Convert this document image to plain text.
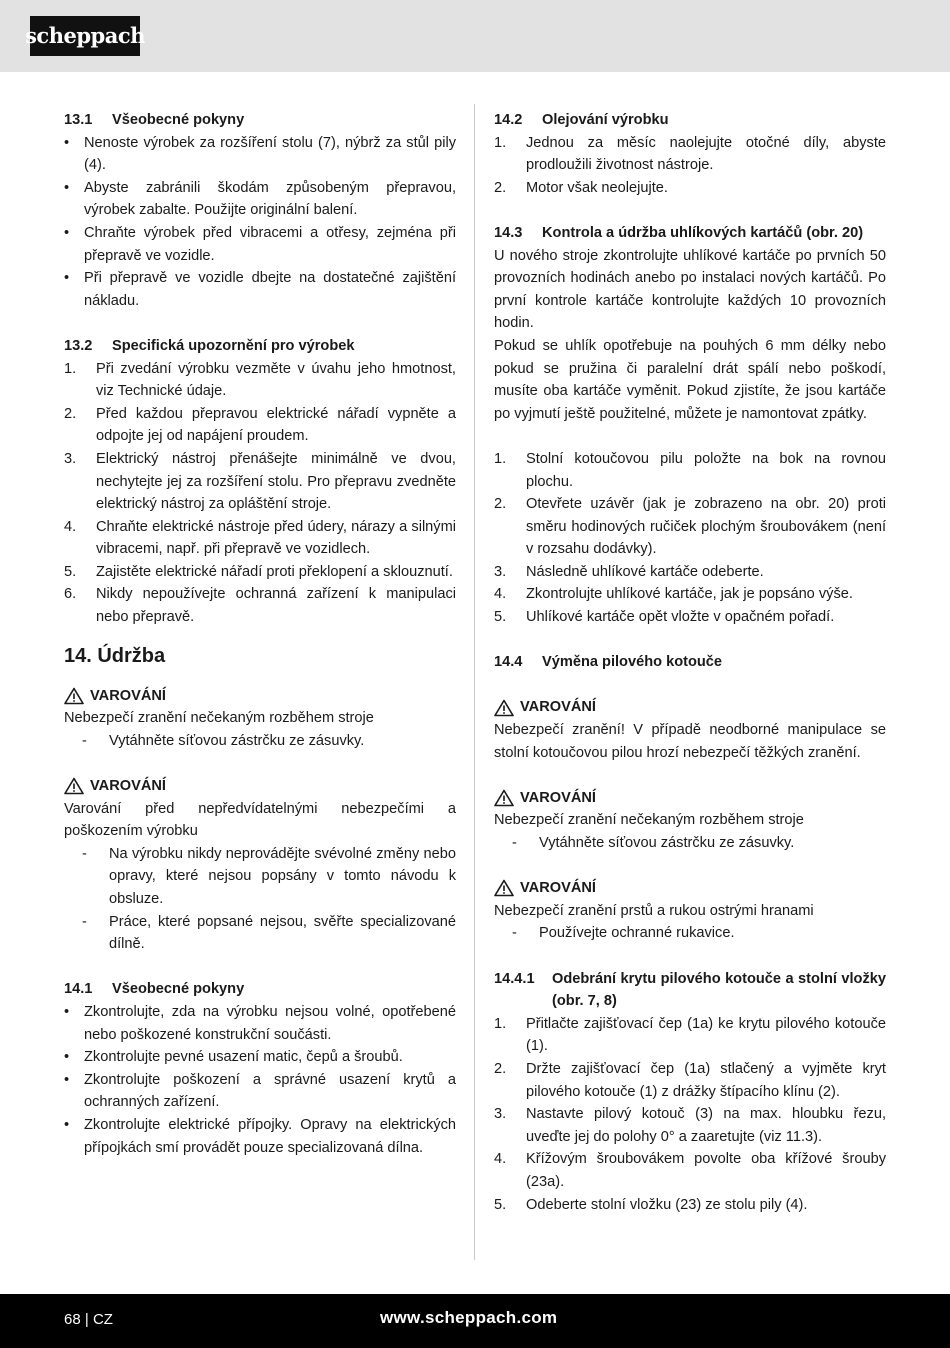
scheppach
13.1	Všeobecné pokyny
• Nenoste výrobek za rozšíření stolu (7), nýbrž za stůl pily (4).
• Abyste zabránili škodám způsobeným přepravou, výrobek zabalte. Použijte originální balení.
• Chraňte výrobek před vibracemi a otřesy, zejména při přepravě ve vozidle.
• Při přepravě ve vozidle dbejte na dostatečné zajištění nákladu.
13.2	Specifická upozornění pro výrobek
1.	Při zvedání výrobku vezměte v úvahu jeho hmotnost, viz Technické údaje.
2.	Před každou přepravou elektrické nářadí vypněte a odpojte jej od napájení proudem.
3.	Elektrický nástroj přenášejte minimálně ve dvou, nechytejte jej za rozšíření stolu. Pro přepravu zvedněte elektrický nástroj za opláštění stroje.
4.	Chraňte elektrické nástroje před údery, nárazy a silnými vibracemi, např. při přepravě ve vozidlech.
5.	Zajistěte elektrické nářadí proti překlopení a sklouznutí.
6.	Nikdy nepoužívejte ochranná zařízení k manipulaci nebo přepravě.
14. Údržba
VAROVÁNÍ
Nebezpečí zranění nečekaným rozběhem stroje
-	Vytáhněte síťovou zástrčku ze zásuvky.
VAROVÁNÍ
Varování před nepředvídatelnými nebezpečími a poškozením výrobku
-	Na výrobku nikdy neprovádějte svévolné změny nebo opravy, které nejsou popsány v tomto návodu k obsluze.
-	Práce, které popsané nejsou, svěřte specializované dílně.
14.1	Všeobecné pokyny
• Zkontrolujte, zda na výrobku nejsou volné, opotřebené nebo poškozené konstrukční součásti.
• Zkontrolujte pevné usazení matic, čepů a šroubů.
• Zkontrolujte poškození a správné usazení krytů a ochranných zařízení.
• Zkontrolujte elektrické přípojky. Opravy na elektrických přípojkách smí provádět pouze specializovaná dílna.
14.2	Olejování výrobku
1.	Jednou za měsíc naolejujte otočné díly, abyste prodloužili životnost nástroje.
2.	Motor však neolejujte.
14.3	Kontrola a údržba uhlíkových kartáčů (obr. 20)
U nového stroje zkontrolujte uhlíkové kartáče po prvních 50 provozních hodinách anebo po instalaci nových kartáčů. Po první kontrole kartáče kontrolujte každých 10 provozních hodin.
Pokud se uhlík opotřebuje na pouhých 6 mm délky nebo pokud se pružina či paralelní drát spálí nebo poškodí, musíte oba kartáče vyměnit. Pokud zjistíte, že jsou kartáče po vyjmutí ještě použitelné, můžete je namontovat zpátky.
1.	Stolní kotoučovou pilu položte na bok na rovnou plochu.
2.	Otevřete uzávěr (jak je zobrazeno na obr. 20) proti směru hodinových ručiček plochým šroubovákem (není v rozsahu dodávky).
3.	Následně uhlíkové kartáče odeberte.
4.	Zkontrolujte uhlíkové kartáče, jak je popsáno výše.
5.	Uhlíkové kartáče opět vložte v opačném pořadí.
14.4	Výměna pilového kotouče
VAROVÁNÍ
Nebezpečí zranění! V případě neodborné manipulace se stolní kotoučovou pilou hrozí nebezpečí těžkých zranění.
VAROVÁNÍ
Nebezpečí zranění nečekaným rozběhem stroje
-	Vytáhněte síťovou zástrčku ze zásuvky.
VAROVÁNÍ
Nebezpečí zranění prstů a rukou ostrými hranami
-	Používejte ochranné rukavice.
14.4.1	Odebrání krytu pilového kotouče a stolní vložky (obr. 7, 8)
1.	Přitlačte zajišťovací čep (1a) ke krytu pilového kotouče (1).
2.	Držte zajišťovací čep (1a) stlačený a vyjměte kryt pilového kotouče (1) z drážky štípacího klínu (2).
3.	Nastavte pilový kotouč (3) na max. hloubku řezu, uveďte jej do polohy 0° a zaaretujte (viz 11.3).
4.	Křížovým šroubovákem povolte oba křížové šrouby (23a).
5.	Odeberte stolní vložku (23) ze stolu pily (4).
68 | CZ	www.scheppach.com
